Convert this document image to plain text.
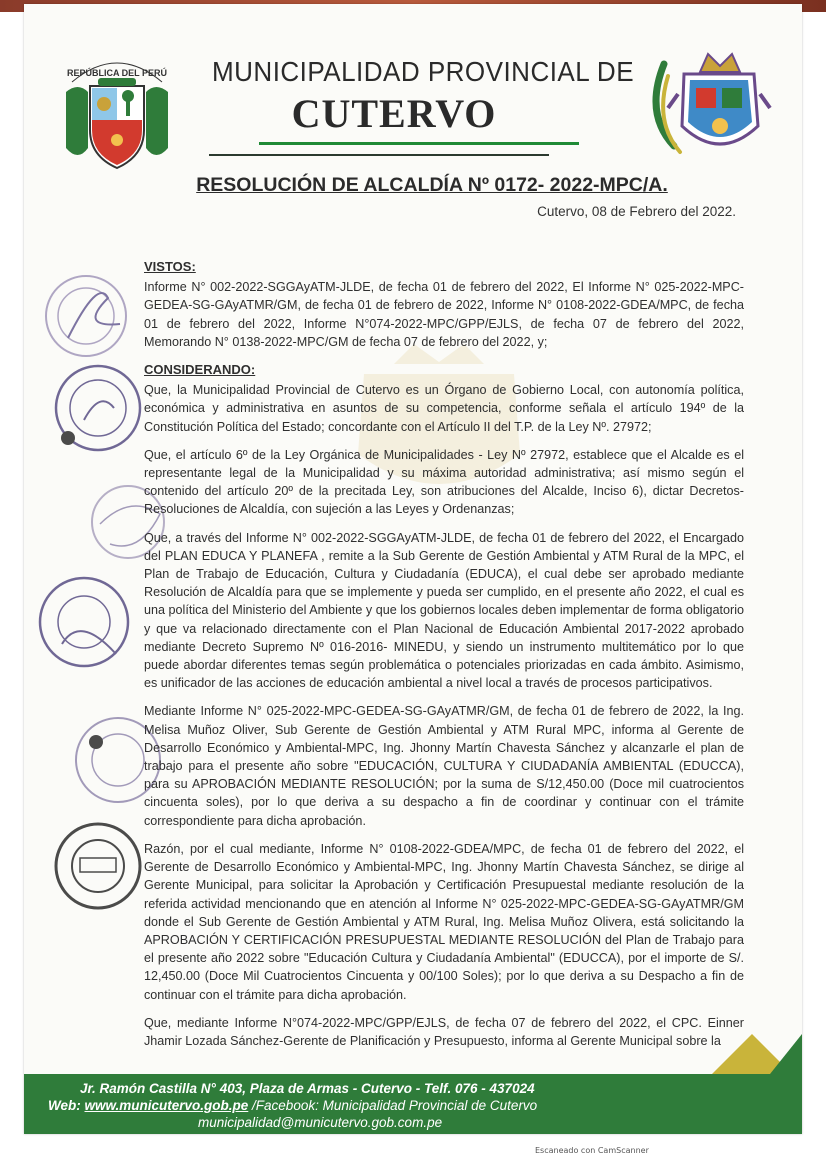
REPÚBLICA DEL PERÚ MUNICIPALIDAD PROVINCIAL DE
CUTERVO
RESOLUCIÓN DE ALCALDÍA Nº 0172- 2022-MPC/A.
Cutervo, 08 de Febrero del 2022.
VISTOS:

Informe N° 002-2022-SGGAyATM-JLDE, de fecha 01 de febrero del 2022, El Informe N° 025-2022-MPC-GEDEA-SG-GAyATMR/GM, de fecha 01 de febrero de 2022, Informe N° 0108-2022-GDEA/MPC, de fecha 01 de febrero del 2022, Informe N°074-2022-MPC/GPP/EJLS, de fecha 07 de febrero del 2022, Memorando N° 0138-2022-MPC/GM de fecha 07 de febrero del 2022, y;

CONSIDERANDO:

Que, la Municipalidad Provincial de Cutervo es un Órgano de Gobierno Local, con autonomía política, económica y administrativa en asuntos de su competencia, conforme señala el artículo 194º de la Constitución Política del Estado; concordante con el Artículo II del T.P. de la Ley Nº. 27972;

Que, el artículo 6º de la Ley Orgánica de Municipalidades - Ley Nº 27972, establece que el Alcalde es el representante legal de la Municipalidad y su máxima autoridad administrativa; así mismo según el contenido del artículo 20º de la precitada Ley, son atribuciones del Alcalde, Inciso 6), dictar Decretos-Resoluciones de Alcaldía, con sujeción a las Leyes y Ordenanzas;

Que, a través del Informe N° 002-2022-SGGAyATM-JLDE, de fecha 01 de febrero del 2022, el Encargado del PLAN EDUCA Y PLANEFA , remite a la Sub Gerente de Gestión Ambiental y ATM Rural de la MPC, el Plan de Trabajo de Educación, Cultura y Ciudadanía (EDUCA), el cual debe ser aprobado mediante Resolución de Alcaldía para que se implemente y pueda ser cumplido, en el presente año 2022, el cual es una política del Ministerio del Ambiente y que los gobiernos locales deben implementar de forma obligatorio y que va relacionado directamente con el Plan Nacional de Educación Ambiental 2017-2022 aprobado mediante Decreto Supremo Nº 016-2016- MINEDU, y siendo un instrumento multitemático por lo que puede abordar diferentes temas según problemática o potenciales priorizadas en cada ámbito. Asimismo, es unificador de las acciones de educación ambiental a nivel local a través de procesos participativos.

Mediante Informe N° 025-2022-MPC-GEDEA-SG-GAyATMR/GM, de fecha 01 de febrero de 2022, la Ing. Melisa Muñoz Oliver, Sub Gerente de Gestión Ambiental y ATM Rural MPC, informa al Gerente de Desarrollo Económico y Ambiental-MPC, Ing. Jhonny Martín Chavesta Sánchez y alcanzarle el plan de trabajo para el presente año sobre "EDUCACIÓN, CULTURA Y CIUDADANÍA AMBIENTAL (EDUCCA), para su APROBACIÓN MEDIANTE RESOLUCIÓN; por la suma de S/12,450.00 (Doce mil cuatrocientos cincuenta soles), por lo que deriva a su despacho a fin de coordinar y continuar con el trámite correspondiente para dicha aprobación.

Razón, por el cual mediante, Informe N° 0108-2022-GDEA/MPC, de fecha 01 de febrero del 2022, el Gerente de Desarrollo Económico y Ambiental-MPC, Ing. Jhonny Martín Chavesta Sánchez, se dirige al Gerente Municipal, para solicitar la Aprobación y Certificación Presupuestal mediante resolución de la referida actividad mencionando que en atención al Informe N° 025-2022-MPC-GEDEA-SG-GAyATMR/GM donde el Sub Gerente de Gestión Ambiental y ATM Rural, Ing. Melisa Muñoz Olivera, está solicitando la APROBACIÓN Y CERTIFICACIÓN PRESUPUESTAL MEDIANTE RESOLUCIÓN del Plan de Trabajo para el presente año 2022 sobre "Educación Cultura y Ciudadanía Ambiental" (EDUCCA), por el importe de S/. 12,450.00 (Doce Mil Cuatrocientos Cincuenta y 00/100 Soles); por lo que deriva a su Despacho a fin de continuar con el trámite para dicha aprobación.

Que, mediante Informe N°074-2022-MPC/GPP/EJLS, de fecha 07 de febrero del 2022, el CPC. Einner Jhamir Lozada Sánchez-Gerente de Planificación y Presupuesto, informa al Gerente Municipal sobre la

Jr. Ramón Castilla N° 403, Plaza de Armas - Cutervo - Telf. 076 - 437024
Web: www.municutervo.gob.pe /Facebook: Municipalidad Provincial de Cutervo
municipalidad@municutervo.gob.com.pe
Escaneado con CamScanner
